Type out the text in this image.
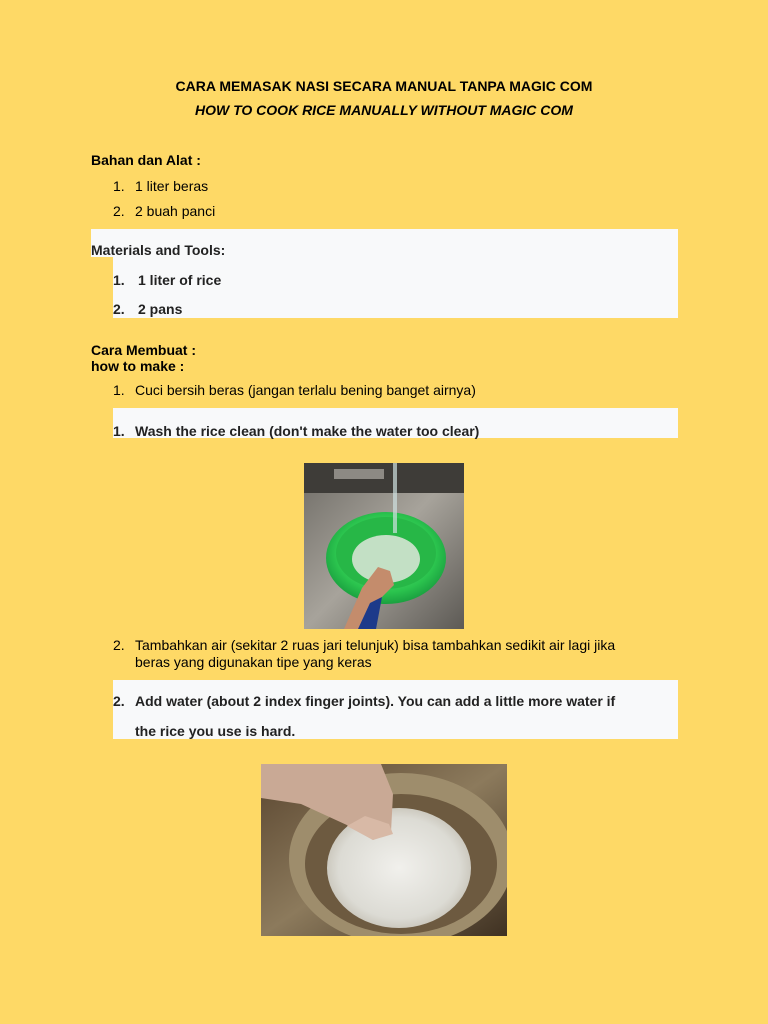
CARA MEMASAK NASI SECARA MANUAL TANPA MAGIC COM
HOW TO COOK RICE MANUALLY WITHOUT MAGIC COM
Bahan dan Alat :
1. 1 liter beras
2. 2 buah panci
Materials and Tools:
1. 1 liter of rice
2. 2 pans
Cara Membuat :
how to make :
1. Cuci bersih beras (jangan terlalu bening banget airnya)
1. Wash the rice clean (don't make the water too clear)
2. Tambahkan air (sekitar 2 ruas jari telunjuk) bisa tambahkan sedikit air lagi jika
beras yang digunakan tipe yang keras
2. Add water (about 2 index finger joints). You can add a little more water if
the rice you use is hard.
